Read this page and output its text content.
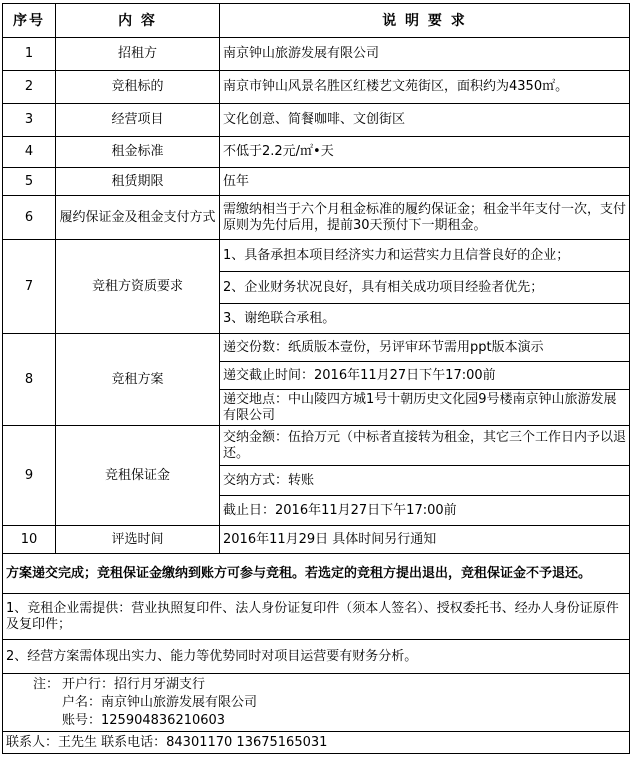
序号	内 容	说 明 要 求
1	招租方	南京钟山旅游发展有限公司
2	竞租标的	南京市钟山风景名胜区红楼艺文苑街区，面积约为4350㎡。
3	经营项目	文化创意、简餐咖啡、文创街区
4	租金标准	不低于2.2元/㎡•天
5	租赁期限	伍年
6	履约保证金及租金支付方式	需缴纳相当于六个月租金标准的履约保证金；租金半年支付一次，支付原则为先付后用，提前30天预付下一期租金。
7	竞租方资质要求	1、具备承担本项目经济实力和运营实力且信誉良好的企业；
		2、企业财务状况良好，具有相关成功项目经验者优先；
		3、谢绝联合承租。
8	竞租方案	递交份数：纸质版本壹份，另评审环节需用ppt版本演示
		递交截止时间：2016年11月27日下午17:00前
		递交地点：中山陵四方城1号十朝历史文化园9号楼南京钟山旅游发展有限公司
9	竞租保证金	交纳金额：伍拾万元（中标者直接转为租金，其它三个工作日内予以退还。
		交纳方式：转账
		截止日：2016年11月27日下午17:00前
10	评选时间	2016年11月29日 具体时间另行通知
方案递交完成；竞租保证金缴纳到账方可参与竞租。若选定的竞租方提出退出，竞租保证金不予退还。		
1、竞租企业需提供：营业执照复印件、法人身份证复印件（须本人签名）、授权委托书、经办人身份证原件及复印件；		
2、经营方案需体现出实力、能力等优势同时对项目运营要有财务分析。		

注： 开户行：招行月牙湖支行
户名：南京钟山旅游发展有限公司
账号：125904836210603		

联系人：王先生 联系电话：84301170 13675165031		
